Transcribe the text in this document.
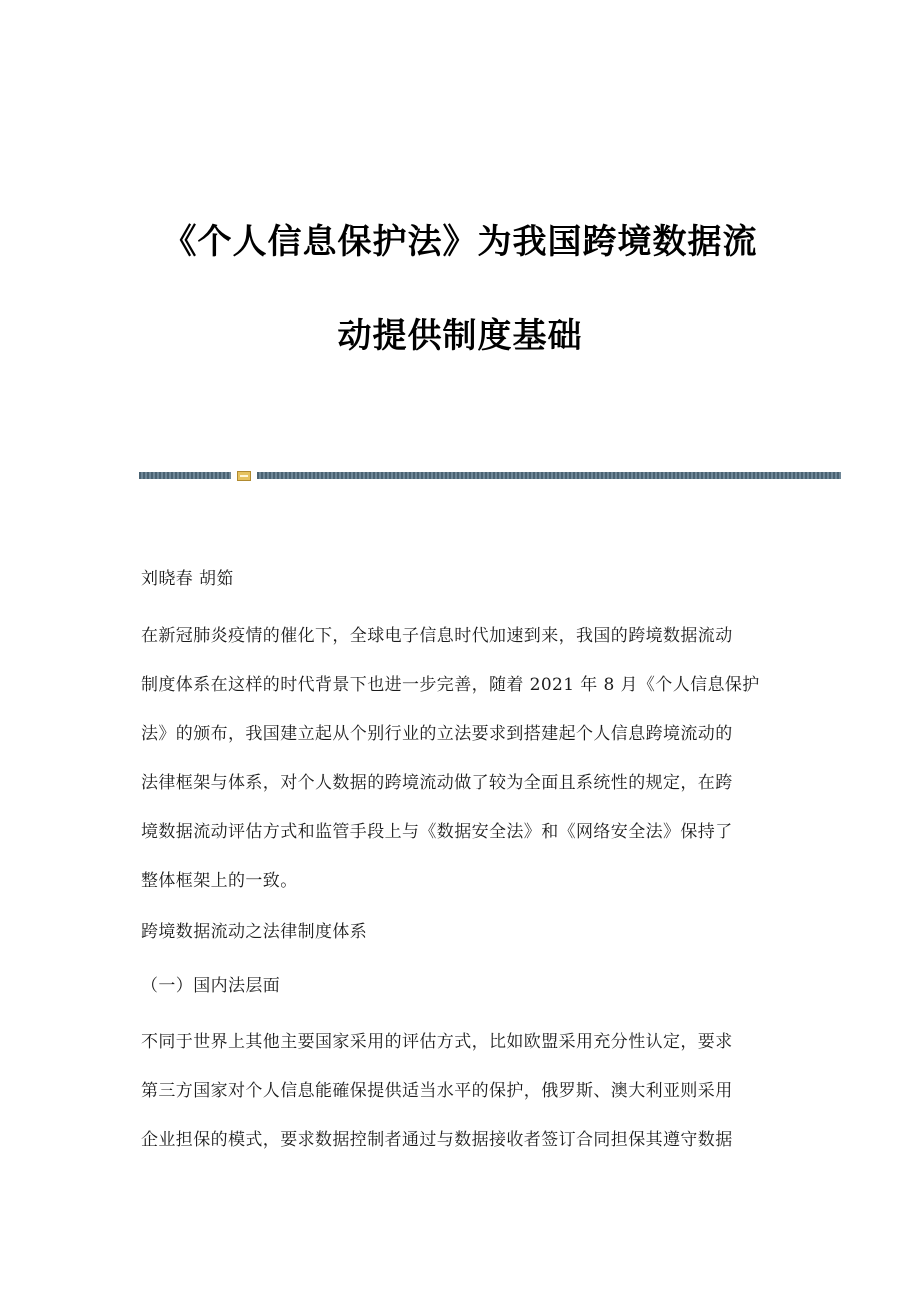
《个人信息保护法》为我国跨境数据流
动提供制度基础
刘晓春 胡筎
在新冠肺炎疫情的催化下，全球电子信息时代加速到来，我国的跨境数据流动
制度体系在这样的时代背景下也进一步完善，随着 2021 年 8 月《个人信息保护
法》的颁布，我国建立起从个别行业的立法要求到搭建起个人信息跨境流动的
法律框架与体系，对个人数据的跨境流动做了较为全面且系统性的规定，在跨
境数据流动评估方式和监管手段上与《数据安全法》和《网络安全法》保持了
整体框架上的一致。
跨境数据流动之法律制度体系
（一）国内法层面
不同于世界上其他主要国家采用的评估方式，比如欧盟采用充分性认定，要求
第三方国家对个人信息能確保提供适当水平的保护，俄罗斯、澳大利亚则采用
企业担保的模式，要求数据控制者通过与数据接收者签订合同担保其遵守数据
